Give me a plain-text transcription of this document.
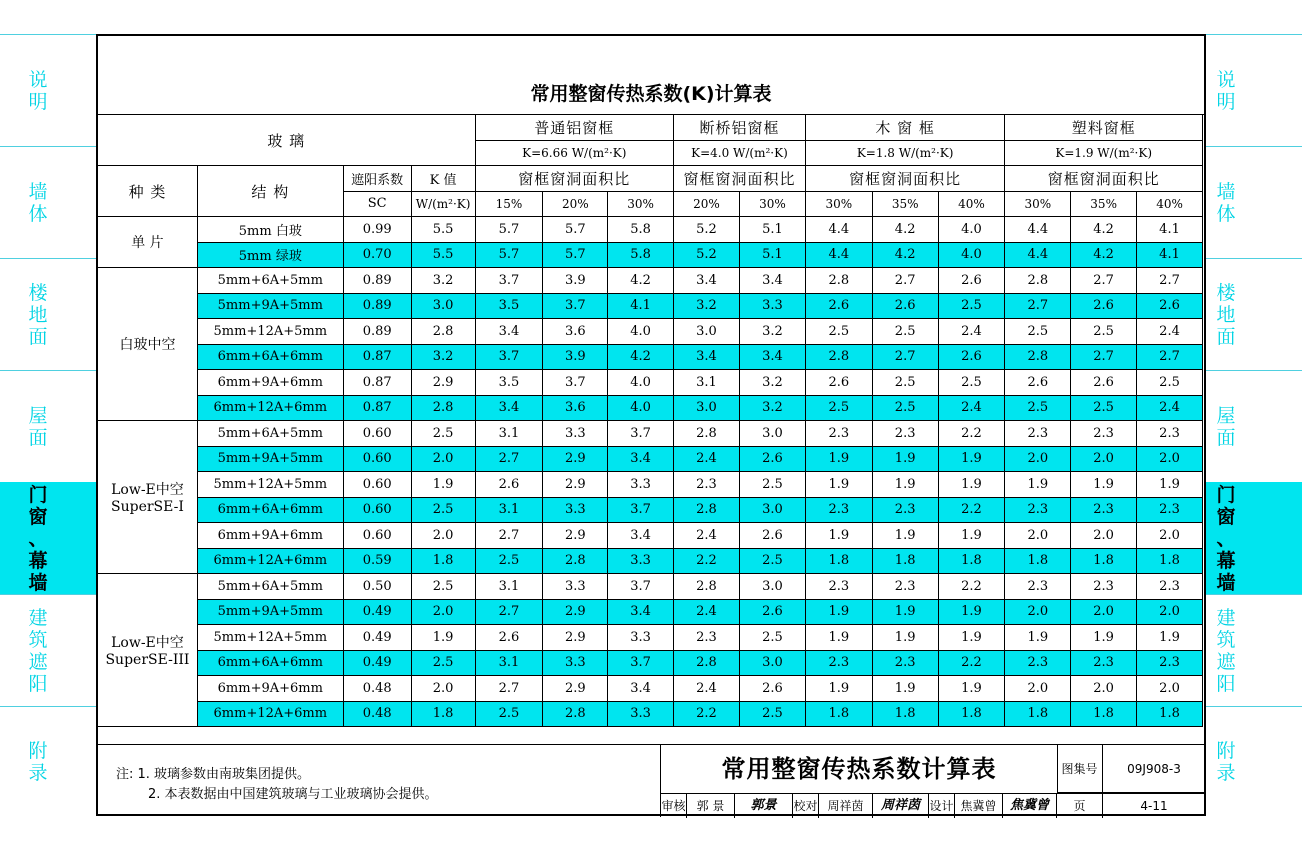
说
明
墙
体
楼
地
面
屋
面
门
窗
、
幕
墙
建
筑
遮
阳
附
录
说
明
墙
体
楼
地
面
屋
面
门
窗
、
幕
墙
建
筑
遮
阳
附
录
常用整窗传热系数(K)计算表
玻 璃				普通铝窗框			断桥铝窗框		木 窗 框			塑料窗框		
				K=6.66 W/(m²·K)			K=4.0 W/(m²·K)		K=1.8 W/(m²·K)			K=1.9 W/(m²·K)		
种 类	结 构	遮阳系数	K 值	窗框窗洞面积比			窗框窗洞面积比		窗框窗洞面积比			窗框窗洞面积比		
		SC	W/(m²·K)	15%	20%	30%	20%	30%	30%	35%	40%	30%	35%	40%

单 片	5mm 白玻	0.99	5.5	5.7	5.7	5.8	5.2	5.1	4.4	4.2	4.0	4.4	4.2	4.1
	5mm 绿玻	0.70	5.5	5.7	5.7	5.8	5.2	5.1	4.4	4.2	4.0	4.4	4.2	4.1

白玻中空	5mm+6A+5mm	0.89	3.2	3.7	3.9	4.2	3.4	3.4	2.8	2.7	2.6	2.8	2.7	2.7
	5mm+9A+5mm	0.89	3.0	3.5	3.7	4.1	3.2	3.3	2.6	2.6	2.5	2.7	2.6	2.6
	5mm+12A+5mm	0.89	2.8	3.4	3.6	4.0	3.0	3.2	2.5	2.5	2.4	2.5	2.5	2.4
	6mm+6A+6mm	0.87	3.2	3.7	3.9	4.2	3.4	3.4	2.8	2.7	2.6	2.8	2.7	2.7
	6mm+9A+6mm	0.87	2.9	3.5	3.7	4.0	3.1	3.2	2.6	2.5	2.5	2.6	2.6	2.5
	6mm+12A+6mm	0.87	2.8	3.4	3.6	4.0	3.0	3.2	2.5	2.5	2.4	2.5	2.5	2.4

Low-E中空
SuperSE-I	5mm+6A+5mm	0.60	2.5	3.1	3.3	3.7	2.8	3.0	2.3	2.3	2.2	2.3	2.3	2.3
	5mm+9A+5mm	0.60	2.0	2.7	2.9	3.4	2.4	2.6	1.9	1.9	1.9	2.0	2.0	2.0
	5mm+12A+5mm	0.60	1.9	2.6	2.9	3.3	2.3	2.5	1.9	1.9	1.9	1.9	1.9	1.9
	6mm+6A+6mm	0.60	2.5	3.1	3.3	3.7	2.8	3.0	2.3	2.3	2.2	2.3	2.3	2.3
	6mm+9A+6mm	0.60	2.0	2.7	2.9	3.4	2.4	2.6	1.9	1.9	1.9	2.0	2.0	2.0
	6mm+12A+6mm	0.59	1.8	2.5	2.8	3.3	2.2	2.5	1.8	1.8	1.8	1.8	1.8	1.8

Low-E中空
SuperSE-III	5mm+6A+5mm	0.50	2.5	3.1	3.3	3.7	2.8	3.0	2.3	2.3	2.2	2.3	2.3	2.3
	5mm+9A+5mm	0.49	2.0	2.7	2.9	3.4	2.4	2.6	1.9	1.9	1.9	2.0	2.0	2.0
	5mm+12A+5mm	0.49	1.9	2.6	2.9	3.3	2.3	2.5	1.9	1.9	1.9	1.9	1.9	1.9
	6mm+6A+6mm	0.49	2.5	3.1	3.3	3.7	2.8	3.0	2.3	2.3	2.2	2.3	2.3	2.3
	6mm+9A+6mm	0.48	2.0	2.7	2.9	3.4	2.4	2.6	1.9	1.9	1.9	2.0	2.0	2.0
	6mm+12A+6mm	0.48	1.8	2.5	2.8	3.3	2.2	2.5	1.8	1.8	1.8	1.8	1.8	1.8
注: 1. 玻璃参数由南玻集团提供。
2. 本表数据由中国建筑玻璃与工业玻璃协会提供。
常用整窗传热系数计算表	图集号	09J908-3
审核 郭 景	郭景	校对 周祥茵	周祥茵 设计 焦冀曾	焦冀曾	页	4-11
